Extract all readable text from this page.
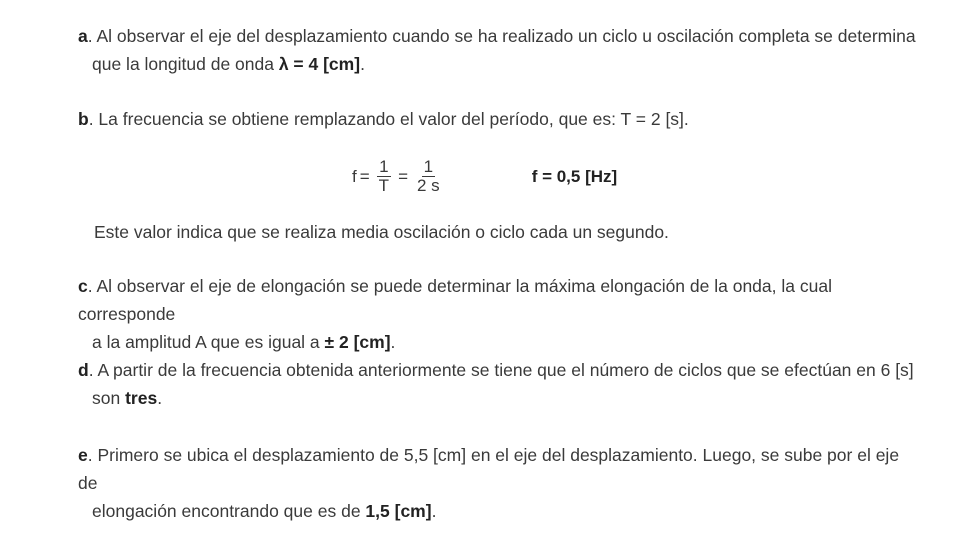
a. Al observar el eje del desplazamiento cuando se ha realizado un ciclo u oscilación completa se determina
que la longitud de onda λ = 4 [cm].
b. La frecuencia se obtiene remplazando el valor del período, que es: T = 2 [s].
$f = \frac{1}{T} = \frac{1}{2 s}$	f = 0,5 [Hz]
Este valor indica que se realiza media oscilación o ciclo cada un segundo.
c. Al observar el eje de elongación se puede determinar la máxima elongación de la onda, la cual corresponde
a la amplitud A que es igual a ± 2 [cm].
d. A partir de la frecuencia obtenida anteriormente se tiene que el número de ciclos que se efectúan en 6 [s]
son tres.
e. Primero se ubica el desplazamiento de 5,5 [cm] en el eje del desplazamiento. Luego, se sube por el eje de
elongación encontrando que es de 1,5 [cm].
